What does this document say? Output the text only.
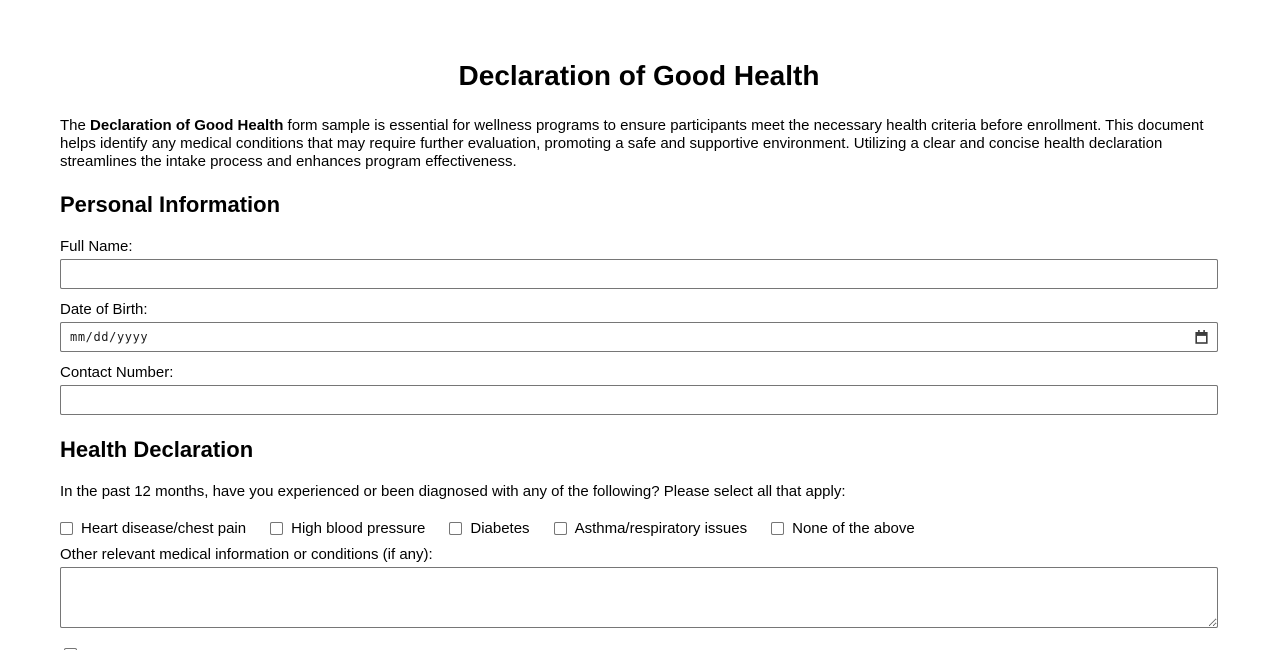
Declaration of Good Health

The Declaration of Good Health form sample is essential for wellness programs to ensure participants meet the necessary health criteria before enrollment. This document helps identify any medical conditions that may require further evaluation, promoting a safe and supportive environment. Utilizing a clear and concise health declaration streamlines the intake process and enhances program effectiveness.

Personal Information
Full Name:
Date of Birth:
mm/dd/yyyy
Contact Number:
Health Declaration

In the past 12 months, have you experienced or been diagnosed with any of the following? Please select all that apply:

Heart disease/chest pain	High blood pressure	Diabetes	Asthma/respiratory issues	None of the above
Other relevant medical information or conditions (if any):
